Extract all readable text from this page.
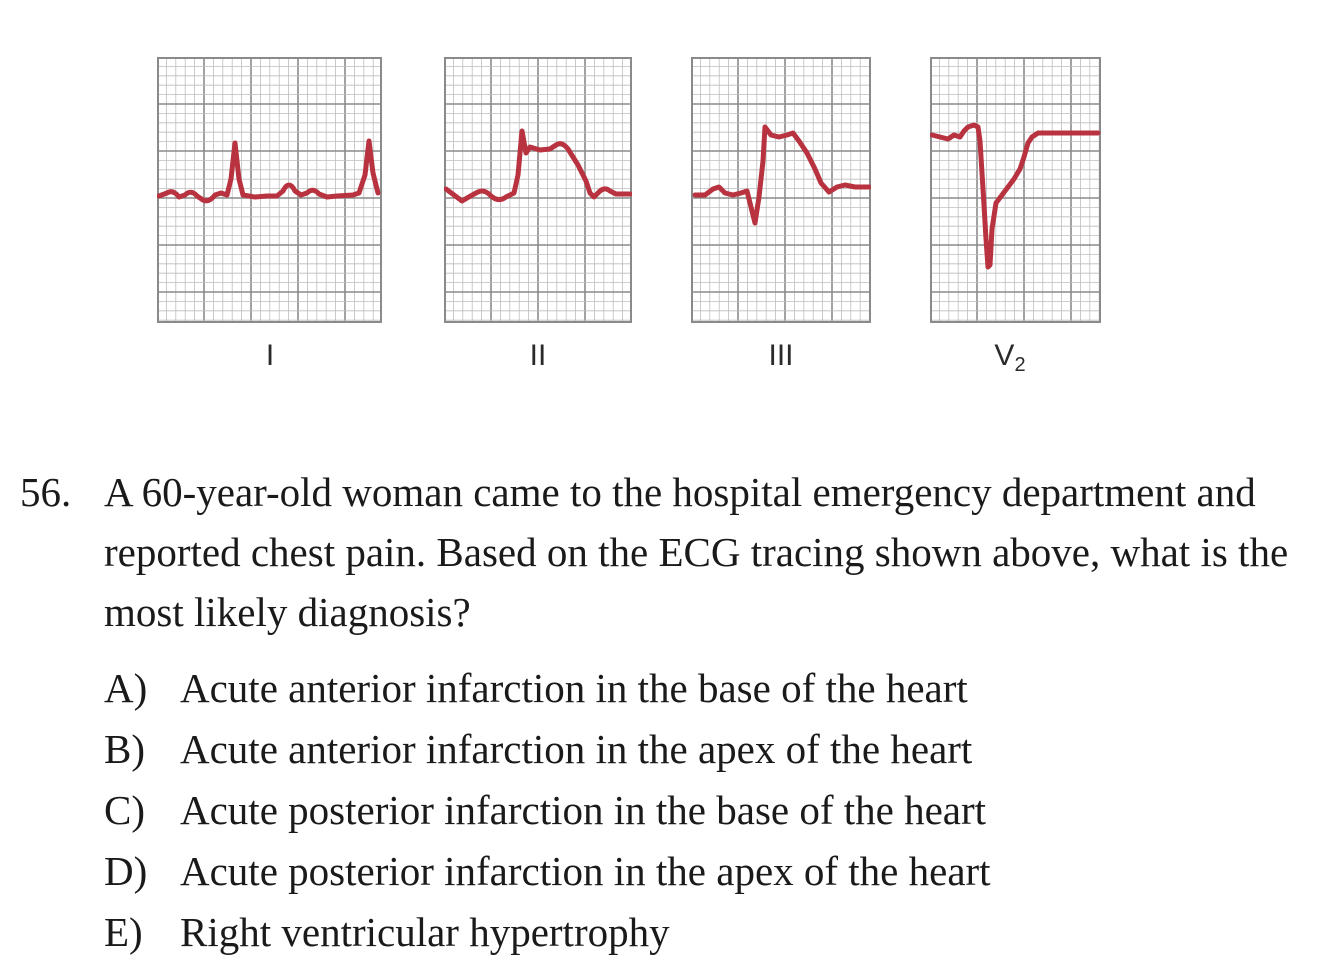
I	II	III	$V_2$
56. A 60-year-old woman came to the hospital emergency department and reported chest pain. Based on the ECG tracing shown above, what is the most likely diagnosis?
A) Acute anterior infarction in the base of the heart
B) Acute anterior infarction in the apex of the heart
C) Acute posterior infarction in the base of the heart
D) Acute posterior infarction in the apex of the heart
E) Right ventricular hypertrophy
